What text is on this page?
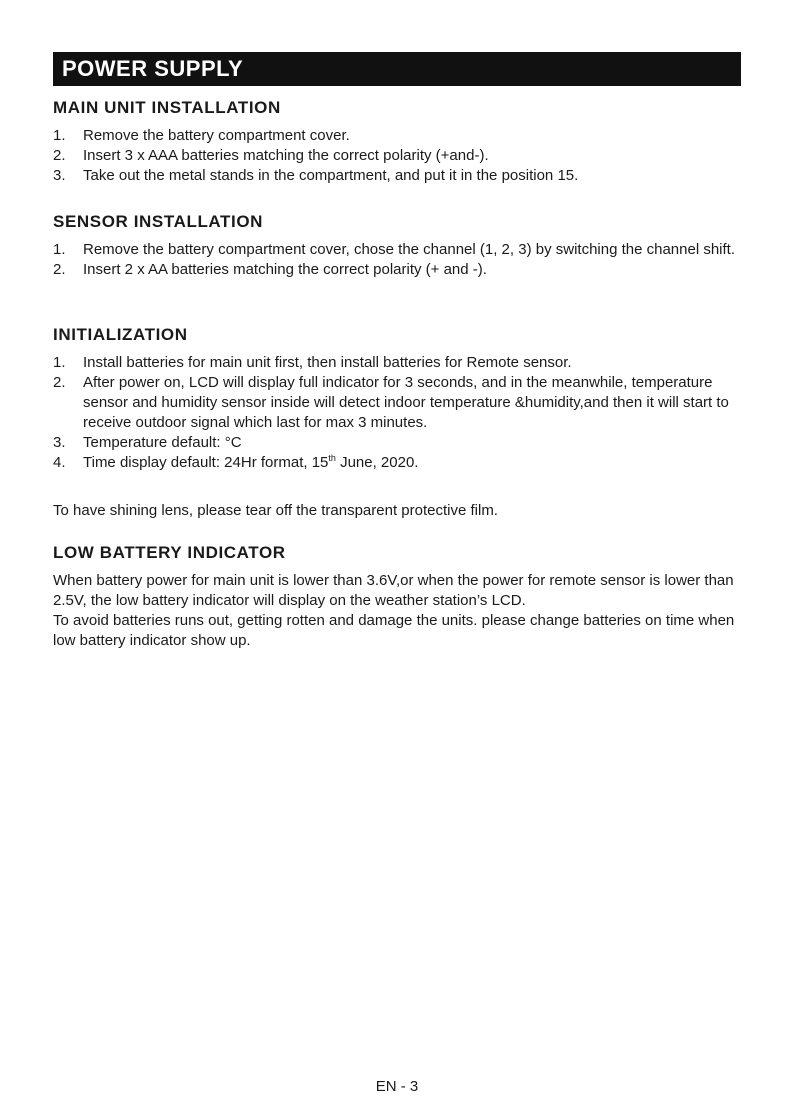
POWER SUPPLY
MAIN UNIT INSTALLATION
1. Remove the battery compartment cover.
2. Insert 3 x AAA batteries matching the correct polarity (+and-).
3. Take out the metal stands in the compartment, and put it in the position 15.
SENSOR INSTALLATION
1. Remove the battery compartment cover, chose the channel (1, 2, 3) by switching the channel shift.
2. Insert 2 x AA batteries matching the correct polarity (+ and -).
INITIALIZATION
1. Install batteries for main unit first, then install batteries for Remote sensor.
2. After power on, LCD will display full indicator for 3 seconds, and in the meanwhile, temperature sensor and humidity sensor inside will detect indoor temperature &humidity,and then it will start to receive outdoor signal which last for max 3 minutes.
3. Temperature default: °C
4. Time display default: 24Hr format, 15th June, 2020.
To have shining lens, please tear off the transparent protective film.
LOW BATTERY INDICATOR
When battery power for main unit is lower than 3.6V,or when the power for remote sensor is lower than 2.5V, the low battery indicator will display on the weather station’s LCD.
To avoid batteries runs out, getting rotten and damage the units. please change batteries on time when low battery indicator show up.
EN - 3
